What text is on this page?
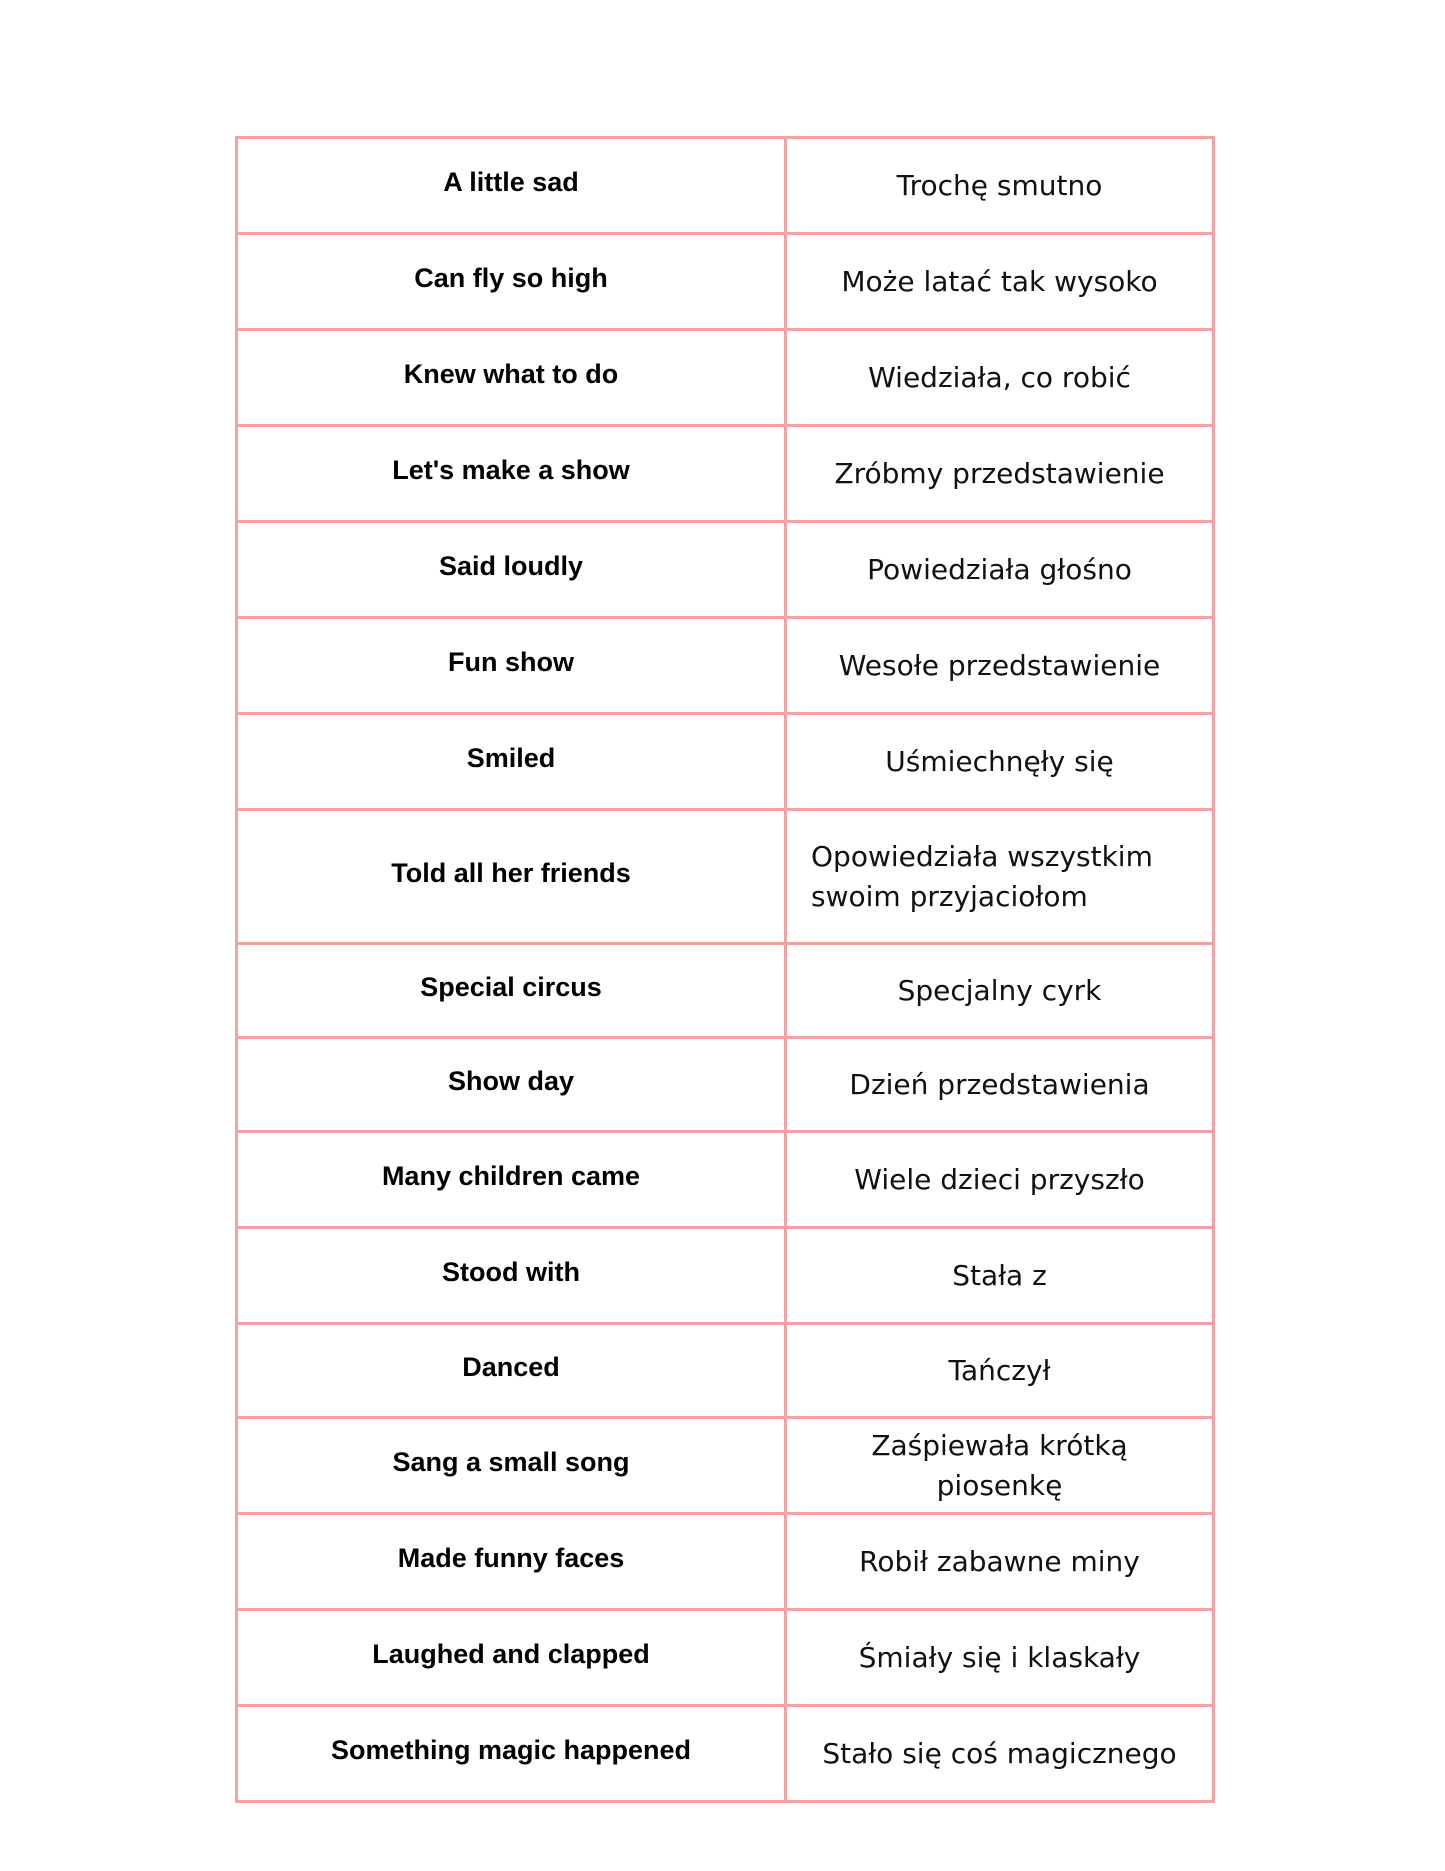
A little sad	Trochę smutno
Can fly so high	Może latać tak wysoko
Knew what to do	Wiedziała, co robić
Let's make a show	Zróbmy przedstawienie
Said loudly	Powiedziała głośno
Fun show	Wesołe przedstawienie
Smiled	Uśmiechnęły się
Told all her friends	Opowiedziała wszystkim swoim przyjaciołom
Special circus	Specjalny cyrk
Show day	Dzień przedstawienia
Many children came	Wiele dzieci przyszło
Stood with	Stała z
Danced	Tańczył
Sang a small song	Zaśpiewała krótką piosenkę
Made funny faces	Robił zabawne miny
Laughed and clapped	Śmiały się i klaskały
Something magic happened	Stało się coś magicznego
